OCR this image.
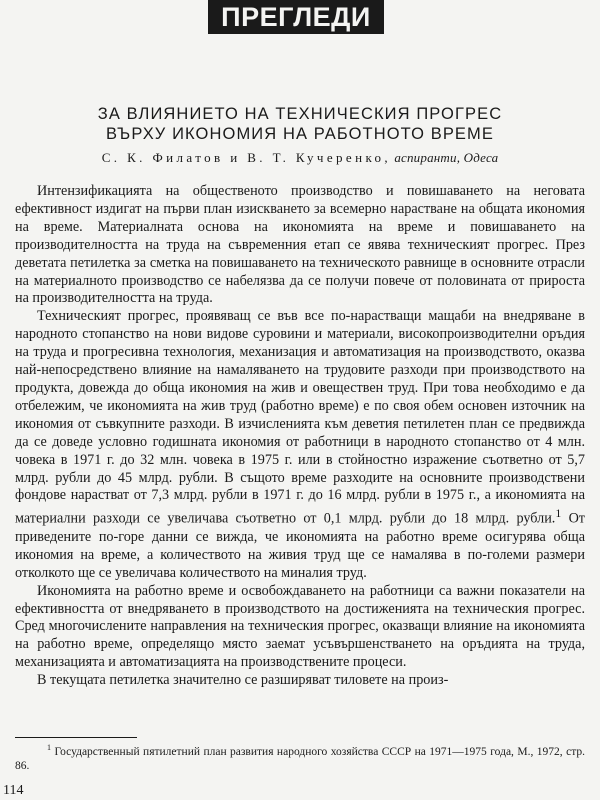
ПРЕГЛЕДИ
ЗА ВЛИЯНИЕТО НА ТЕХНИЧЕСКИЯ ПРОГРЕС
ВЪРХУ ИКОНОМИЯ НА РАБОТНОТО ВРЕМЕ
С. К. Филатов и В. Т. Кучеренко, аспиранти, Одеса

Интензификацията на общественото производство и повишаването на неговата ефективност издигат на първи план изискването за всемерно нарастване на общата икономия на време. Материалната основа на икономията на време и повишаването на производителността на труда на съвременния етап се явява техническият прогрес. През деветата петилетка за сметка на повишаването на техническото равнище в основните отрасли на материалното производство се набелязва да се получи повече от половината от прироста на производителността на труда.

Техническият прогрес, проявяващ се във все по-нарастващи мащаби на внедряване в народното стопанство на нови видове суровини и материали, високопроизводителни оръдия на труда и прогресивна технология, механизация и автоматизация на производството, оказва най-непосредствено влияние на намаляването на трудовите разходи при производството на продукта, довежда до обща икономия на жив и овеществен труд. При това необходимо е да отбележим, че икономията на жив труд (работно време) е по своя обем основен източник на икономия от съвкупните разходи. В изчисленията към деветия петилетен план се предвижда да се доведе условно годишната икономия от работници в народното стопанство от 4 млн. човека в 1971 г. до 32 млн. човека в 1975 г. или в стойностно изражение съответно от 5,7 млрд. рубли до 45 млрд. рубли. В същото време разходите на основните производствени фондове нарастват от 7,3 млрд. рубли в 1971 г. до 16 млрд. рубли в 1975 г., а икономията на материални разходи се увеличава съответно от 0,1 млрд. рубли до 18 млрд. рубли.$^1$ От приведените по-горе данни се вижда, че икономията на работно време осигурява обща икономия на време, а количеството на живия труд ще се намалява в по-големи размери отколкото ще се увеличава количеството на миналия труд.

Икономията на работно време и освобождаването на работници са важни показатели на ефективността от внедряването в производството на достиженията на техническия прогрес. Сред многочислените направления на техническия прогрес, оказващи влияние на икономията на работно време, определящо място заемат усъвършенстването на оръдията на труда, механизацията и автоматизацията на производствените процеси.

В текущата петилетка значително се разширяват тиловете на произ-

$^1$ Государственный пятилетний план развития народного хозяйства СССР на 1971—1975 года, М., 1972, стр. 86.
114
